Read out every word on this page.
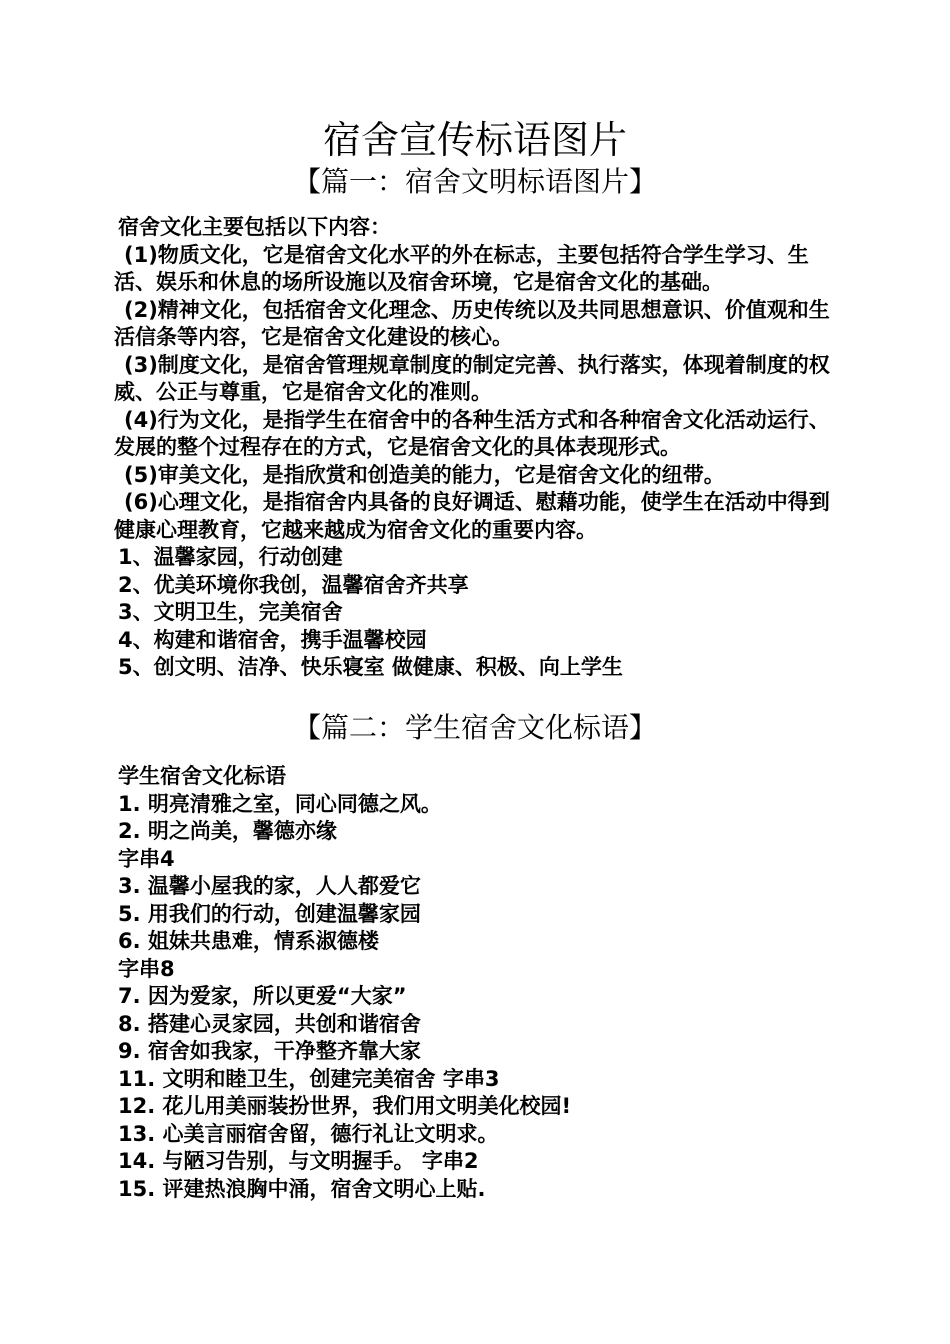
宿舍宣传标语图片
【篇一：宿舍文明标语图片】
宿舍文化主要包括以下内容：
(1)物质文化，它是宿舍文化水平的外在标志，主要包括符合学生学习、生活、娱乐和休息的场所设施以及宿舍环境，它是宿舍文化的基础。
(2)精神文化，包括宿舍文化理念、历史传统以及共同思想意识、价值观和生活信条等内容，它是宿舍文化建设的核心。
(3)制度文化，是宿舍管理规章制度的制定完善、执行落实，体现着制度的权威、公正与尊重，它是宿舍文化的准则。
(4)行为文化，是指学生在宿舍中的各种生活方式和各种宿舍文化活动运行、发展的整个过程存在的方式，它是宿舍文化的具体表现形式。
(5)审美文化，是指欣赏和创造美的能力，它是宿舍文化的纽带。
(6)心理文化，是指宿舍内具备的良好调适、慰藉功能，使学生在活动中得到健康心理教育，它越来越成为宿舍文化的重要内容。
1、温馨家园，行动创建
2、优美环境你我创，温馨宿舍齐共享
3、文明卫生，完美宿舍
4、构建和谐宿舍，携手温馨校园
5、创文明、洁净、快乐寝室 做健康、积极、向上学生
【篇二：学生宿舍文化标语】
学生宿舍文化标语
1. 明亮清雅之室，同心同德之风。
2. 明之尚美，馨德亦缘
字串4
3. 温馨小屋我的家，人人都爱它
5. 用我们的行动，创建温馨家园
6. 姐妹共患难，情系淑德楼
字串8
7. 因为爱家，所以更爱“大家”
8. 搭建心灵家园，共创和谐宿舍
9. 宿舍如我家，干净整齐靠大家
11. 文明和睦卫生，创建完美宿舍 字串3
12. 花儿用美丽装扮世界，我们用文明美化校园!
13. 心美言丽宿舍留，德行礼让文明求。
14. 与陋习告别，与文明握手。 字串2
15. 评建热浪胸中涌，宿舍文明心上贴.
